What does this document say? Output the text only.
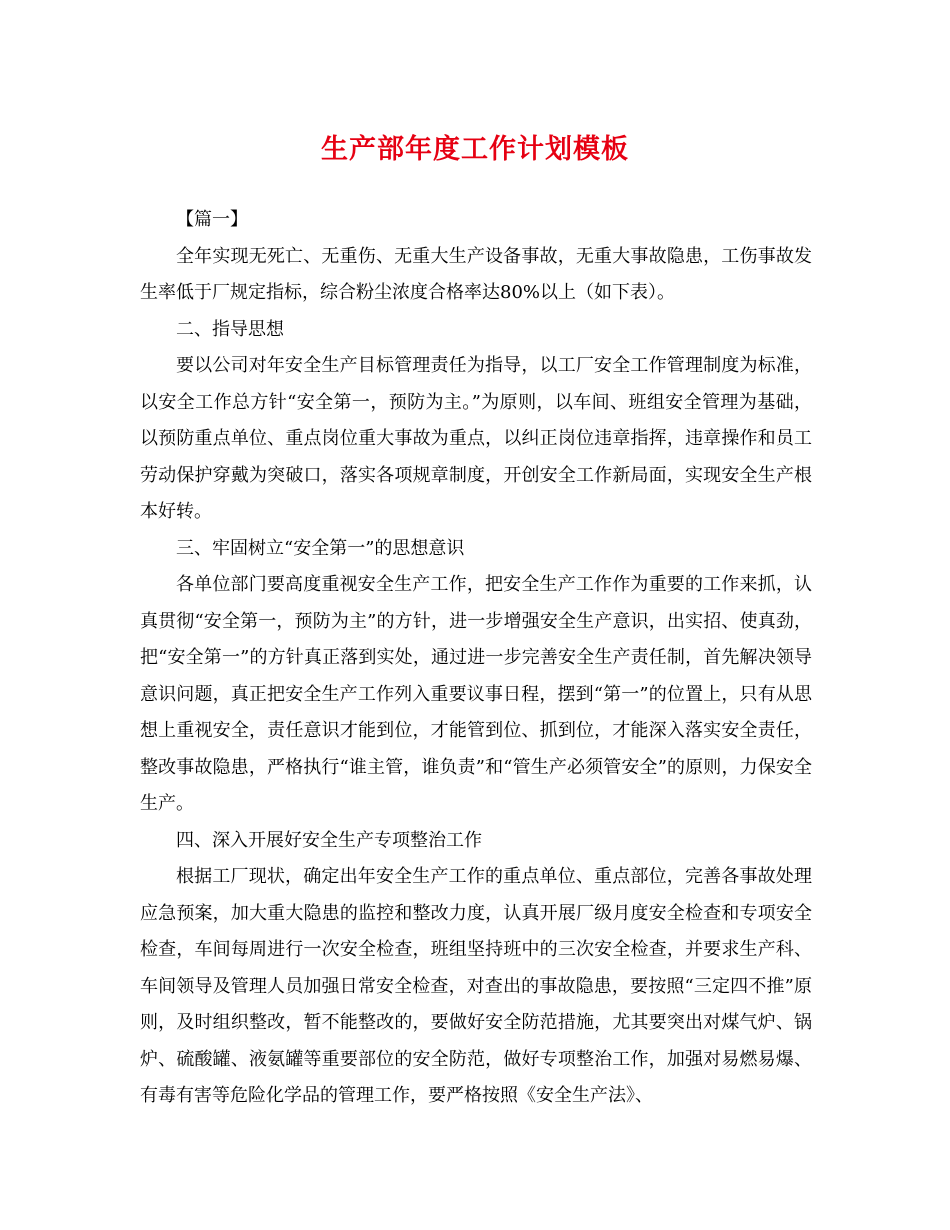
生产部年度工作计划模板

【篇一】

全年实现无死亡、无重伤、无重大生产设备事故，无重大事故隐患，工伤事故发生率低于厂规定指标，综合粉尘浓度合格率达80%以上（如下表）。

二、指导思想

要以公司对年安全生产目标管理责任为指导，以工厂安全工作管理制度为标准，以安全工作总方针“安全第一，预防为主。”为原则，以车间、班组安全管理为基础，以预防重点单位、重点岗位重大事故为重点，以纠正岗位违章指挥，违章操作和员工劳动保护穿戴为突破口，落实各项规章制度，开创安全工作新局面，实现安全生产根本好转。

三、牢固树立“安全第一”的思想意识

各单位部门要高度重视安全生产工作，把安全生产工作作为重要的工作来抓，认真贯彻“安全第一，预防为主”的方针，进一步增强安全生产意识，出实招、使真劲，把“安全第一”的方针真正落到实处，通过进一步完善安全生产责任制，首先解决领导意识问题，真正把安全生产工作列入重要议事日程，摆到“第一”的位置上，只有从思想上重视安全，责任意识才能到位，才能管到位、抓到位，才能深入落实安全责任，整改事故隐患，严格执行“谁主管，谁负责”和“管生产必须管安全”的原则，力保安全生产。

四、深入开展好安全生产专项整治工作

根据工厂现状，确定出年安全生产工作的重点单位、重点部位，完善各事故处理应急预案，加大重大隐患的监控和整改力度，认真开展厂级月度安全检查和专项安全检查，车间每周进行一次安全检查，班组坚持班中的三次安全检查，并要求生产科、车间领导及管理人员加强日常安全检查，对查出的事故隐患，要按照“三定四不推”原则，及时组织整改，暂不能整改的，要做好安全防范措施，尤其要突出对煤气炉、锅炉、硫酸罐、液氨罐等重要部位的安全防范，做好专项整治工作，加强对易燃易爆、有毒有害等危险化学品的管理工作，要严格按照《安全生产法》、
